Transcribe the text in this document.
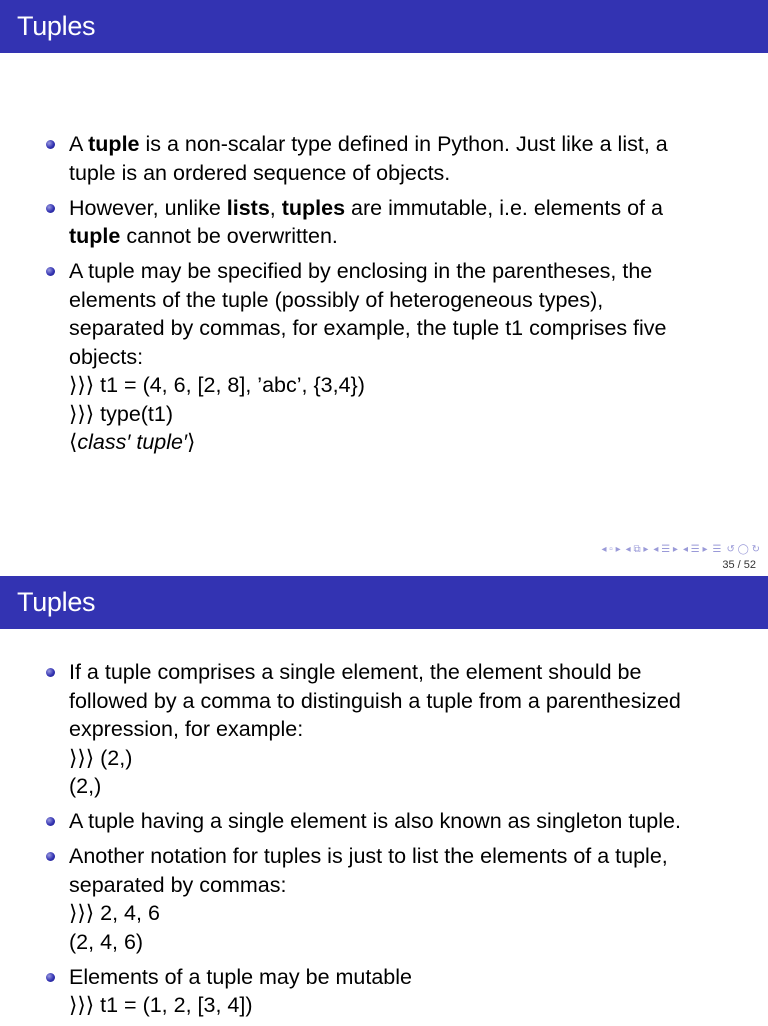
Tuples
A tuple is a non-scalar type defined in Python. Just like a list, a
tuple is an ordered sequence of objects.
However, unlike lists, tuples are immutable, i.e. elements of a
tuple cannot be overwritten.
A tuple may be specified by enclosing in the parentheses, the
elements of the tuple (possibly of heterogeneous types),
separated by commas, for example, the tuple t1 comprises five
objects:
⟩⟩⟩ t1 = (4, 6, [2, 8], ’abc’, {3,4})
⟩⟩⟩ type(t1)
⟨class′ tuple′⟩
◂ ▫ ▸ ◂ ⧉ ▸ ◂ ☰ ▸ ◂ ☰ ▸ ☰ ↺ ◯ ↻
35 / 52
Tuples
If a tuple comprises a single element, the element should be
followed by a comma to distinguish a tuple from a parenthesized
expression, for example:
⟩⟩⟩ (2,)
(2,)
A tuple having a single element is also known as singleton tuple.
Another notation for tuples is just to list the elements of a tuple,
separated by commas:
⟩⟩⟩ 2, 4, 6
(2, 4, 6)
Elements of a tuple may be mutable
⟩⟩⟩ t1 = (1, 2, [3, 4])
